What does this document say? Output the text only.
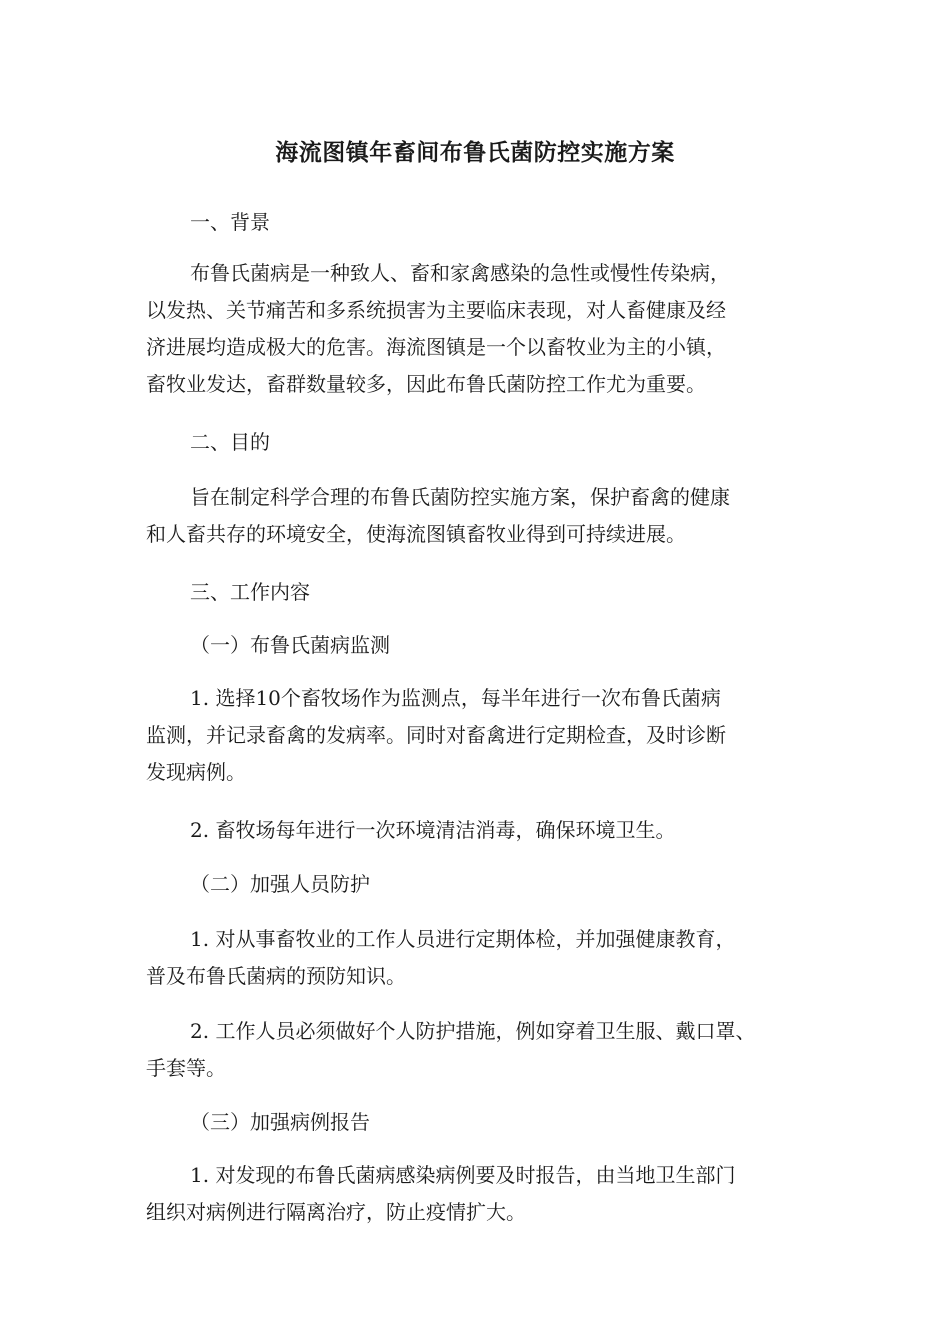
海流图镇年畜间布鲁氏菌防控实施方案
一、背景
布鲁氏菌病是一种致人、畜和家禽感染的急性或慢性传染病，
以发热、关节痛苦和多系统损害为主要临床表现，对人畜健康及经
济进展均造成极大的危害。海流图镇是一个以畜牧业为主的小镇，
畜牧业发达，畜群数量较多，因此布鲁氏菌防控工作尤为重要。
二、目的
旨在制定科学合理的布鲁氏菌防控实施方案，保护畜禽的健康
和人畜共存的环境安全，使海流图镇畜牧业得到可持续进展。
三、工作内容
（一）布鲁氏菌病监测
1. 选择10个畜牧场作为监测点，每半年进行一次布鲁氏菌病
监测，并记录畜禽的发病率。同时对畜禽进行定期检查，及时诊断
发现病例。
2. 畜牧场每年进行一次环境清洁消毒，确保环境卫生。
（二）加强人员防护
1. 对从事畜牧业的工作人员进行定期体检，并加强健康教育，
普及布鲁氏菌病的预防知识。
2. 工作人员必须做好个人防护措施，例如穿着卫生服、戴口罩、
手套等。
（三）加强病例报告
1. 对发现的布鲁氏菌病感染病例要及时报告，由当地卫生部门
组织对病例进行隔离治疗，防止疫情扩大。
